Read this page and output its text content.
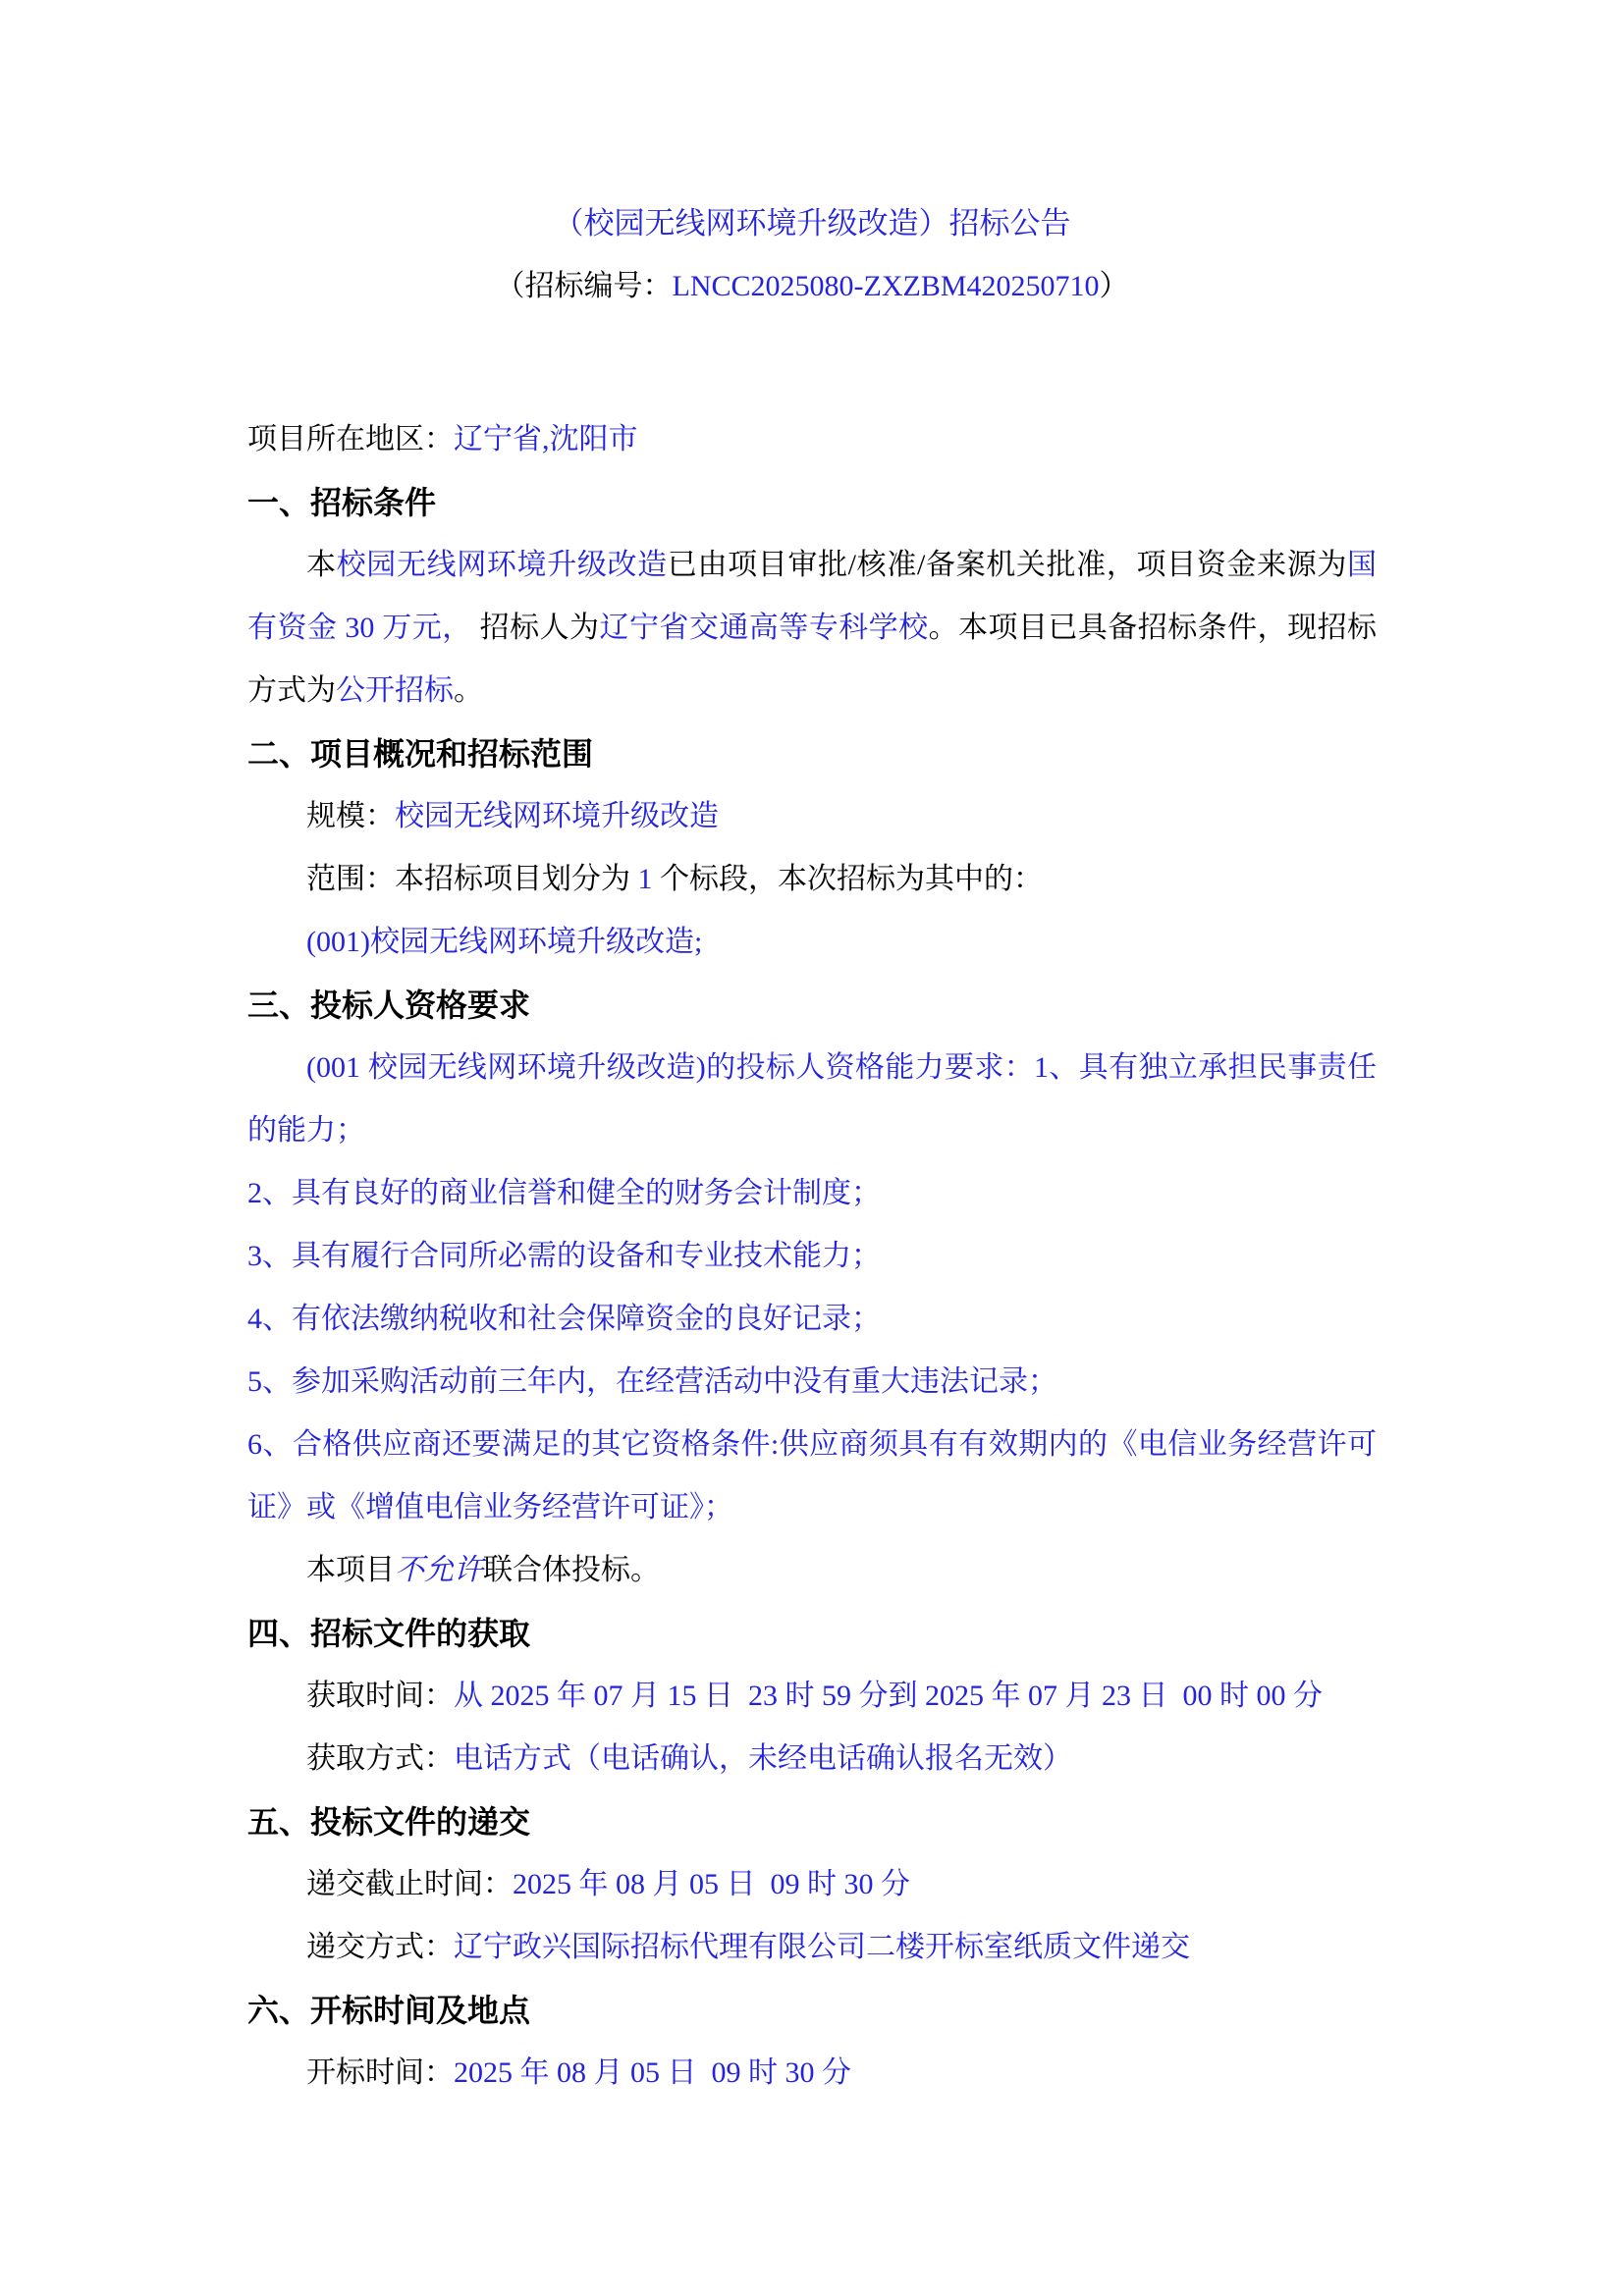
（校园无线网环境升级改造）招标公告

（招标编号：LNCC2025080-ZXZBM420250710）

项目所在地区：辽宁省,沈阳市

一、招标条件

本校园无线网环境升级改造已由项目审批/核准/备案机关批准，项目资金来源为国有资金 30 万元， 招标人为辽宁省交通高等专科学校。本项目已具备招标条件，现招标方式为公开招标。

二、项目概况和招标范围

规模：校园无线网环境升级改造

范围：本招标项目划分为 1 个标段，本次招标为其中的：

(001)校园无线网环境升级改造;

三、投标人资格要求

(001 校园无线网环境升级改造)的投标人资格能力要求：1、具有独立承担民事责任的能力；

2、具有良好的商业信誉和健全的财务会计制度；

3、具有履行合同所必需的设备和专业技术能力；

4、有依法缴纳税收和社会保障资金的良好记录；

5、参加采购活动前三年内，在经营活动中没有重大违法记录；

6、合格供应商还要满足的其它资格条件:供应商须具有有效期内的《电信业务经营许可证》或《增值电信业务经营许可证》；

本项目不允许联合体投标。

四、招标文件的获取

获取时间：从 2025 年 07 月 15 日  23 时 59 分到 2025 年 07 月 23 日  00 时 00 分

获取方式：电话方式（电话确认，未经电话确认报名无效）

五、投标文件的递交

递交截止时间：2025 年 08 月 05 日  09 时 30 分

递交方式：辽宁政兴国际招标代理有限公司二楼开标室纸质文件递交

六、开标时间及地点

开标时间：2025 年 08 月 05 日  09 时 30 分
